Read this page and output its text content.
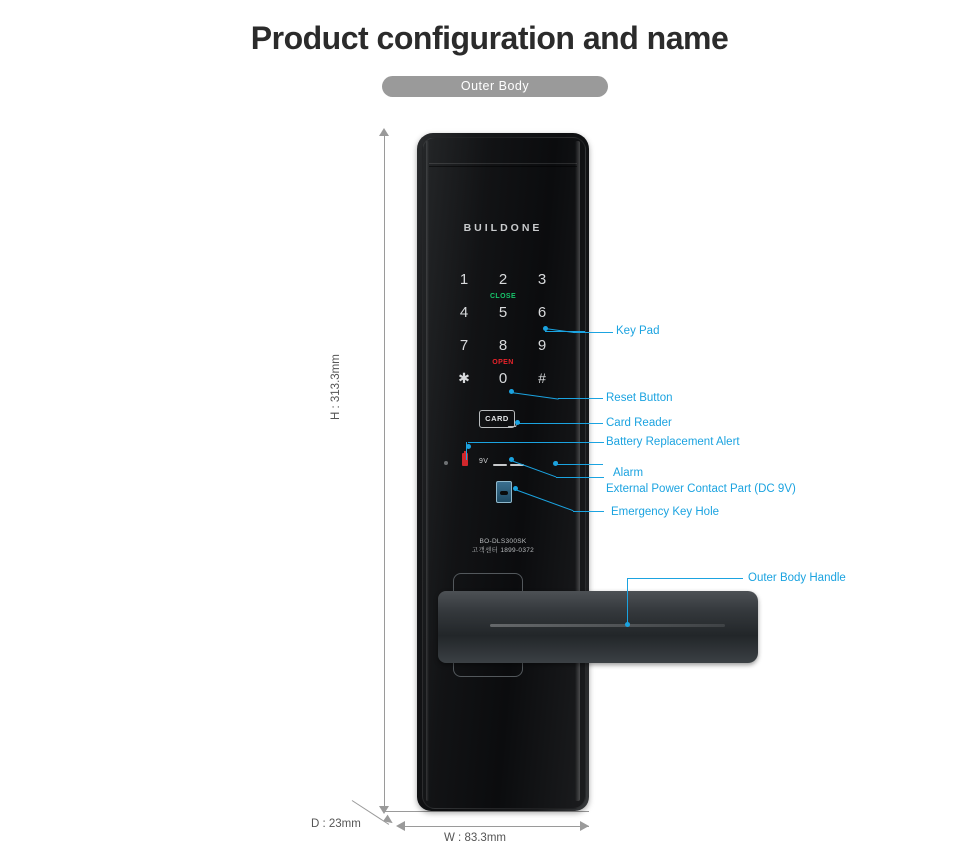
Product configuration and name
Outer Body
H : 313.3mm
W : 83.3mm
D : 23mm
BUILDONE
1	2	3
CLOSE
4	5	6
7	8	9
OPEN
✱	0	#
CARD
9V
BO-DLS300SK
고객센터 1899-0372
Key Pad
Reset Button
Card Reader
Battery Replacement Alert
Alarm
External Power Contact Part (DC 9V)
Emergency Key Hole
Outer Body Handle
